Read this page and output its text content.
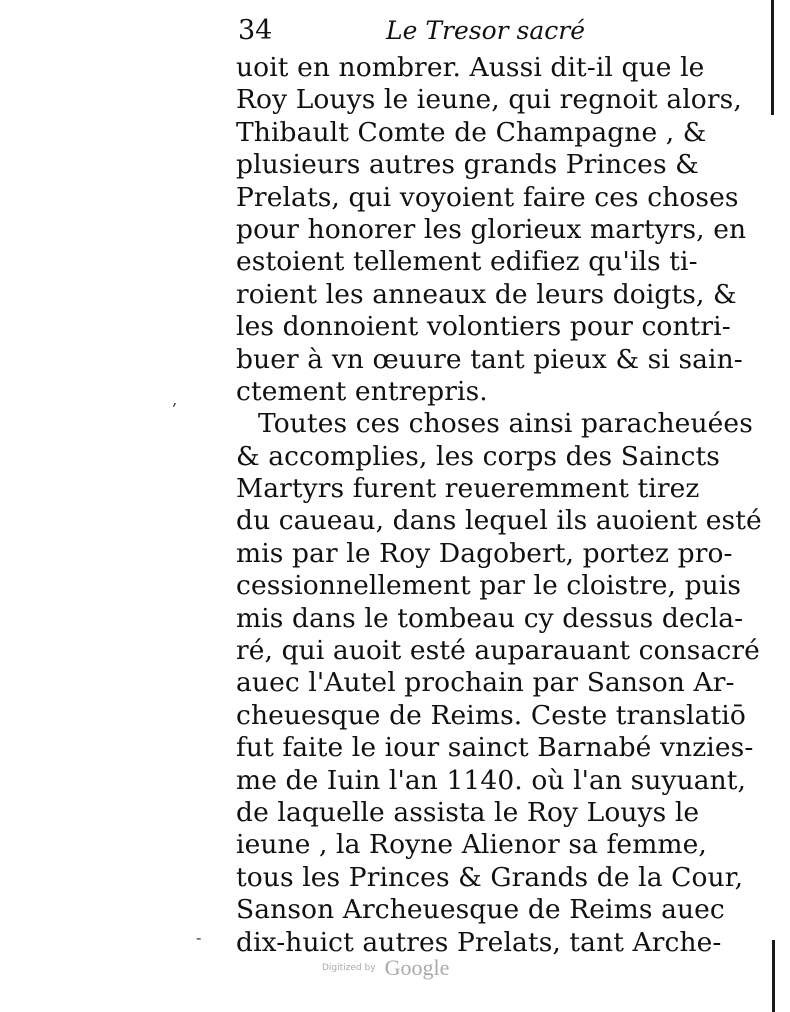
34	Le Tresor sacré
uoit en nombrer. Aussi dit-il que le
Roy Louys le ieune, qui regnoit alors,
Thibault Comte de Champagne , &
plusieurs autres grands Princes &
Prelats, qui voyoient faire ces choses
pour honorer les glorieux martyrs, en
estoient tellement edifiez qu'ils ti-
roient les anneaux de leurs doigts, &
les donnoient volontiers pour contri-
buer à vn œuure tant pieux & si sain-
ctement entrepris.
Toutes ces choses ainsi paracheuées
& accomplies, les corps des Saincts
Martyrs furent reueremment tirez
du caueau, dans lequel ils auoient esté
mis par le Roy Dagobert, portez pro-
cessionnellement par le cloistre, puis
mis dans le tombeau cy dessus decla-
ré, qui auoit esté auparauant consacré
auec l'Autel prochain par Sanson Ar-
cheuesque de Reims. Ceste translatiō
fut faite le iour sainct Barnabé vnzies-
me de Iuin l'an 1140. où l'an suyuant,
de laquelle assista le Roy Louys le
ieune , la Royne Alienor sa femme,
tous les Princes & Grands de la Cour,
Sanson Archeuesque de Reims auec
dix-huict autres Prelats, tant Arche-
‚
-
Digitized by Google
